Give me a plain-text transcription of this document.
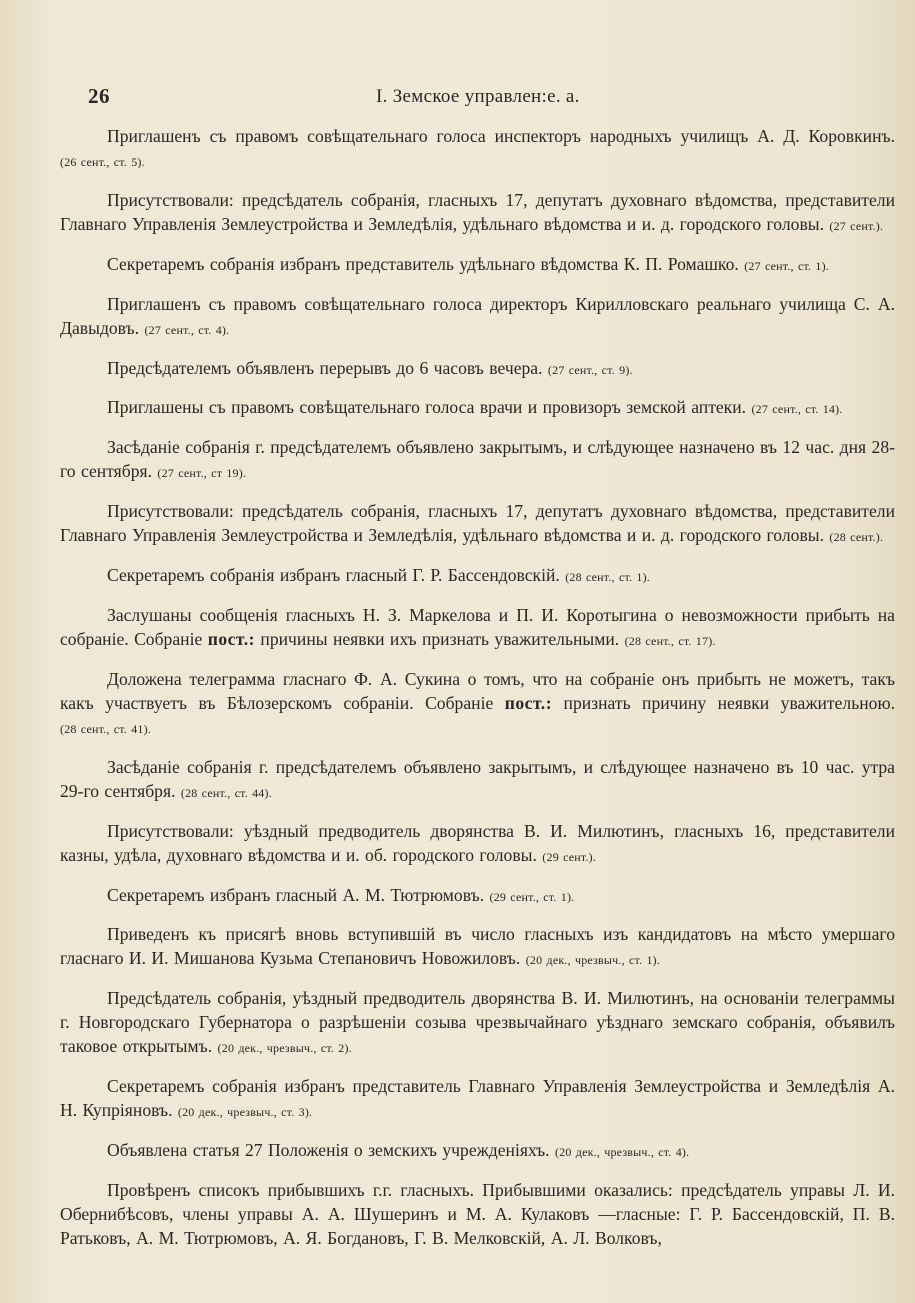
26	I. Земское управлен:е. а.

Приглашенъ съ правомъ совѣщательнаго голоса инспекторъ народныхъ училищъ А. Д. Коровкинъ. (26 сент., ст. 5).

Присутствовали: предсѣдатель собранія, гласныхъ 17, депутатъ духовнаго вѣдомства, представители Главнаго Управленія Землеустройства и Земледѣлія, удѣльнаго вѣдомства и и. д. городского головы. (27 сент.).

Секретаремъ собранія избранъ представитель удѣльнаго вѣдомства К. П. Ромашко. (27 сент., ст. 1).

Приглашенъ съ правомъ совѣщательнаго голоса директоръ Кирилловскаго реальнаго училища С. А. Давыдовъ. (27 сент., ст. 4).

Предсѣдателемъ объявленъ перерывъ до 6 часовъ вечера. (27 сент., ст. 9).

Приглашены съ правомъ совѣщательнаго голоса врачи и провизоръ земской аптеки. (27 сент., ст. 14).

Засѣданіе собранія г. предсѣдателемъ объявлено закрытымъ, и слѣдующее назначено въ 12 час. дня 28-го сентября. (27 сент., ст 19).

Присутствовали: предсѣдатель собранія, гласныхъ 17, депутатъ духовнаго вѣдомства, представители Главнаго Управленія Землеустройства и Земледѣлія, удѣльнаго вѣдомства и и. д. городского головы. (28 сент.).

Секретаремъ собранія избранъ гласный Г. Р. Бассендовскій. (28 сент., ст. 1).

Заслушаны сообщенія гласныхъ Н. З. Маркелова и П. И. Коротыгина о невозможности прибыть на собраніе. Собраніе пост.: причины неявки ихъ признать уважительными. (28 сент., ст. 17).

Доложена телеграмма гласнаго Ф. А. Сукина о томъ, что на собраніе онъ прибыть не можетъ, такъ какъ участвуетъ въ Бѣлозерскомъ собраніи. Собраніе пост.: признать причину неявки уважительною. (28 сент., ст. 41).

Засѣданіе собранія г. предсѣдателемъ объявлено закрытымъ, и слѣдующее назначено въ 10 час. утра 29-го сентября. (28 сент., ст. 44).

Присутствовали: уѣздный предводитель дворянства В. И. Милютинъ, гласныхъ 16, представители казны, удѣла, духовнаго вѣдомства и и. об. городского головы. (29 сент.).

Секретаремъ избранъ гласный А. М. Тютрюмовъ. (29 сент., ст. 1).

Приведенъ къ присягѣ вновь вступившій въ число гласныхъ изъ кандидатовъ на мѣсто умершаго гласнаго И. И. Мишанова Кузьма Степановичъ Новожиловъ. (20 дек., чрезвыч., ст. 1).

Предсѣдатель собранія, уѣздный предводитель дворянства В. И. Милютинъ, на основаніи телеграммы г. Новгородскаго Губернатора о разрѣшеніи созыва чрезвычайнаго уѣзднаго земскаго собранія, объявилъ таковое открытымъ. (20 дек., чрезвыч., ст. 2).

Секретаремъ собранія избранъ представитель Главнаго Управленія Землеустройства и Земледѣлія А. Н. Купріяновъ. (20 дек., чрезвыч., ст. 3).

Объявлена статья 27 Положенія о земскихъ учрежденіяхъ. (20 дек., чрезвыч., ст. 4).

Провѣренъ списокъ прибывшихъ г.г. гласныхъ. Прибывшими оказались: предсѣдатель управы Л. И. Обернибѣсовъ, члены управы А. А. Шушеринъ и М. А. Кулаковъ —гласные: Г. Р. Бассендовскій, П. В. Ратьковъ, А. М. Тютрюмовъ, А. Я. Богдановъ, Г. В. Мелковскій, А. Л. Волковъ,
